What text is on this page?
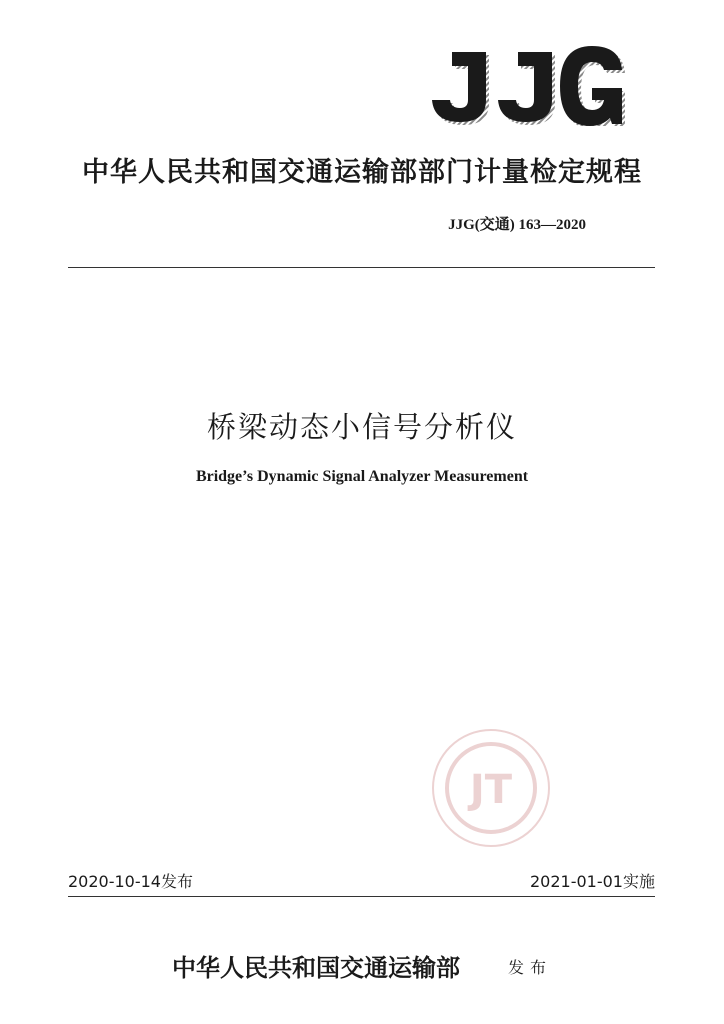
中华人民共和国交通运输部部门计量检定规程
JJG(交通) 163—2020
桥梁动态小信号分析仪
Bridge’s Dynamic Signal Analyzer Measurement
JT
2020-10-14发布	2021-01-01实施
中华人民共和国交通运输部	发布
